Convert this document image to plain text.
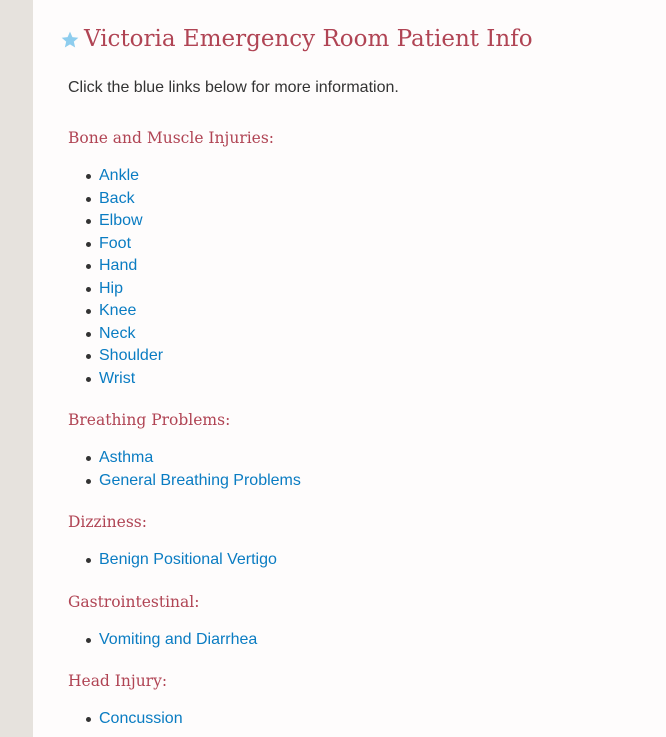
Victoria Emergency Room Patient Info

Click the blue links below for more information.

Bone and Muscle Injuries:
Ankle
Back
Elbow
Foot
Hand
Hip
Knee
Neck
Shoulder
Wrist
Breathing Problems:
Asthma
General Breathing Problems
Dizziness:
Benign Positional Vertigo
Gastrointestinal:
Vomiting and Diarrhea
Head Injury:
Concussion
